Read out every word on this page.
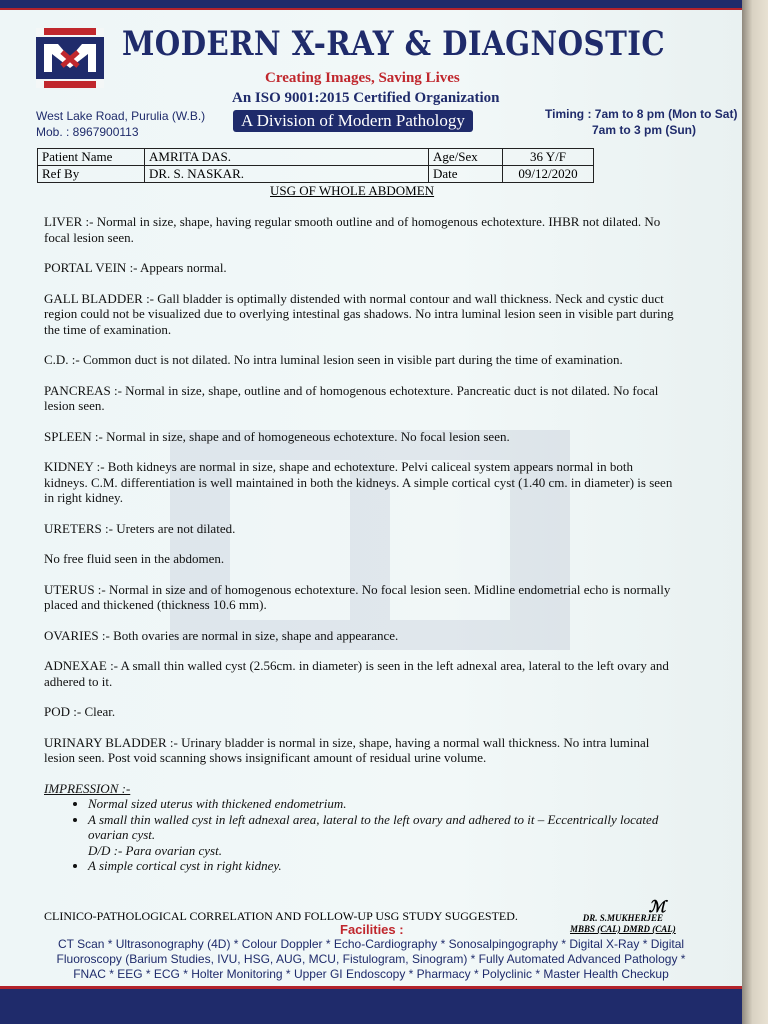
MODERN X-RAY & DIAGNOSTIC
Creating Images, Saving Lives
An ISO 9001:2015 Certified Organization
A Division of Modern Pathology
West Lake Road, Purulia (W.B.)
Mob. : 8967900113
Timing : 7am to 8 pm (Mon to Sat)
7am to 3 pm (Sun)
Patient Name	AMRITA DAS.	Age/Sex	36 Y/F
Ref By	DR. S. NASKAR.	Date	09/12/2020
USG OF WHOLE ABDOMEN

LIVER :- Normal in size, shape, having regular smooth outline and of homogenous echotexture. IHBR not dilated. No focal lesion seen.

PORTAL VEIN :- Appears normal.

GALL BLADDER :- Gall bladder is optimally distended with normal contour and wall thickness. Neck and cystic duct region could not be visualized due to overlying intestinal gas shadows. No intra luminal lesion seen in visible part during the time of examination.

C.D. :- Common duct is not dilated. No intra luminal lesion seen in visible part during the time of examination.

PANCREAS :- Normal in size, shape, outline and of homogenous echotexture. Pancreatic duct is not dilated. No focal lesion seen.

SPLEEN :- Normal in size, shape and of homogeneous echotexture. No focal lesion seen.

KIDNEY :- Both kidneys are normal in size, shape and echotexture. Pelvi caliceal system appears normal in both kidneys. C.M. differentiation is well maintained in both the kidneys. A simple cortical cyst (1.40 cm. in diameter) is seen in right kidney.

URETERS :- Ureters are not dilated.

No free fluid seen in the abdomen.

UTERUS :- Normal in size and of homogenous echotexture. No focal lesion seen. Midline endometrial echo is normally placed and thickened (thickness 10.6 mm).

OVARIES :- Both ovaries are normal in size, shape and appearance.

ADNEXAE :- A small thin walled cyst (2.56cm. in diameter) is seen in the left adnexal area, lateral to the left ovary and adhered to it.

POD :- Clear.

URINARY BLADDER :- Urinary bladder is normal in size, shape, having a normal wall thickness. No intra luminal lesion seen. Post void scanning shows insignificant amount of residual urine volume.

IMPRESSION :-
• Normal sized uterus with thickened endometrium.
• A small thin walled cyst in left adnexal area, lateral to the left ovary and adhered to it – Eccentrically located ovarian cyst.
D/D :- Para ovarian cyst.
• A simple cortical cyst in right kidney.
CLINICO-PATHOLOGICAL CORRELATION AND FOLLOW-UP USG STUDY SUGGESTED.	ℳ
DR. S.MUKHERJEE
MBBS (CAL) DMRD (CAL)
Facilities :
CT Scan * Ultrasonography (4D) * Colour Doppler * Echo-Cardiography * Sonosalpingography * Digital X-Ray * Digital
Fluoroscopy (Barium Studies, IVU, HSG, AUG, MCU, Fistulogram, Sinogram) * Fully Automated Advanced Pathology *
FNAC * EEG * ECG * Holter Monitoring * Upper GI Endoscopy * Pharmacy * Polyclinic * Master Health Checkup
